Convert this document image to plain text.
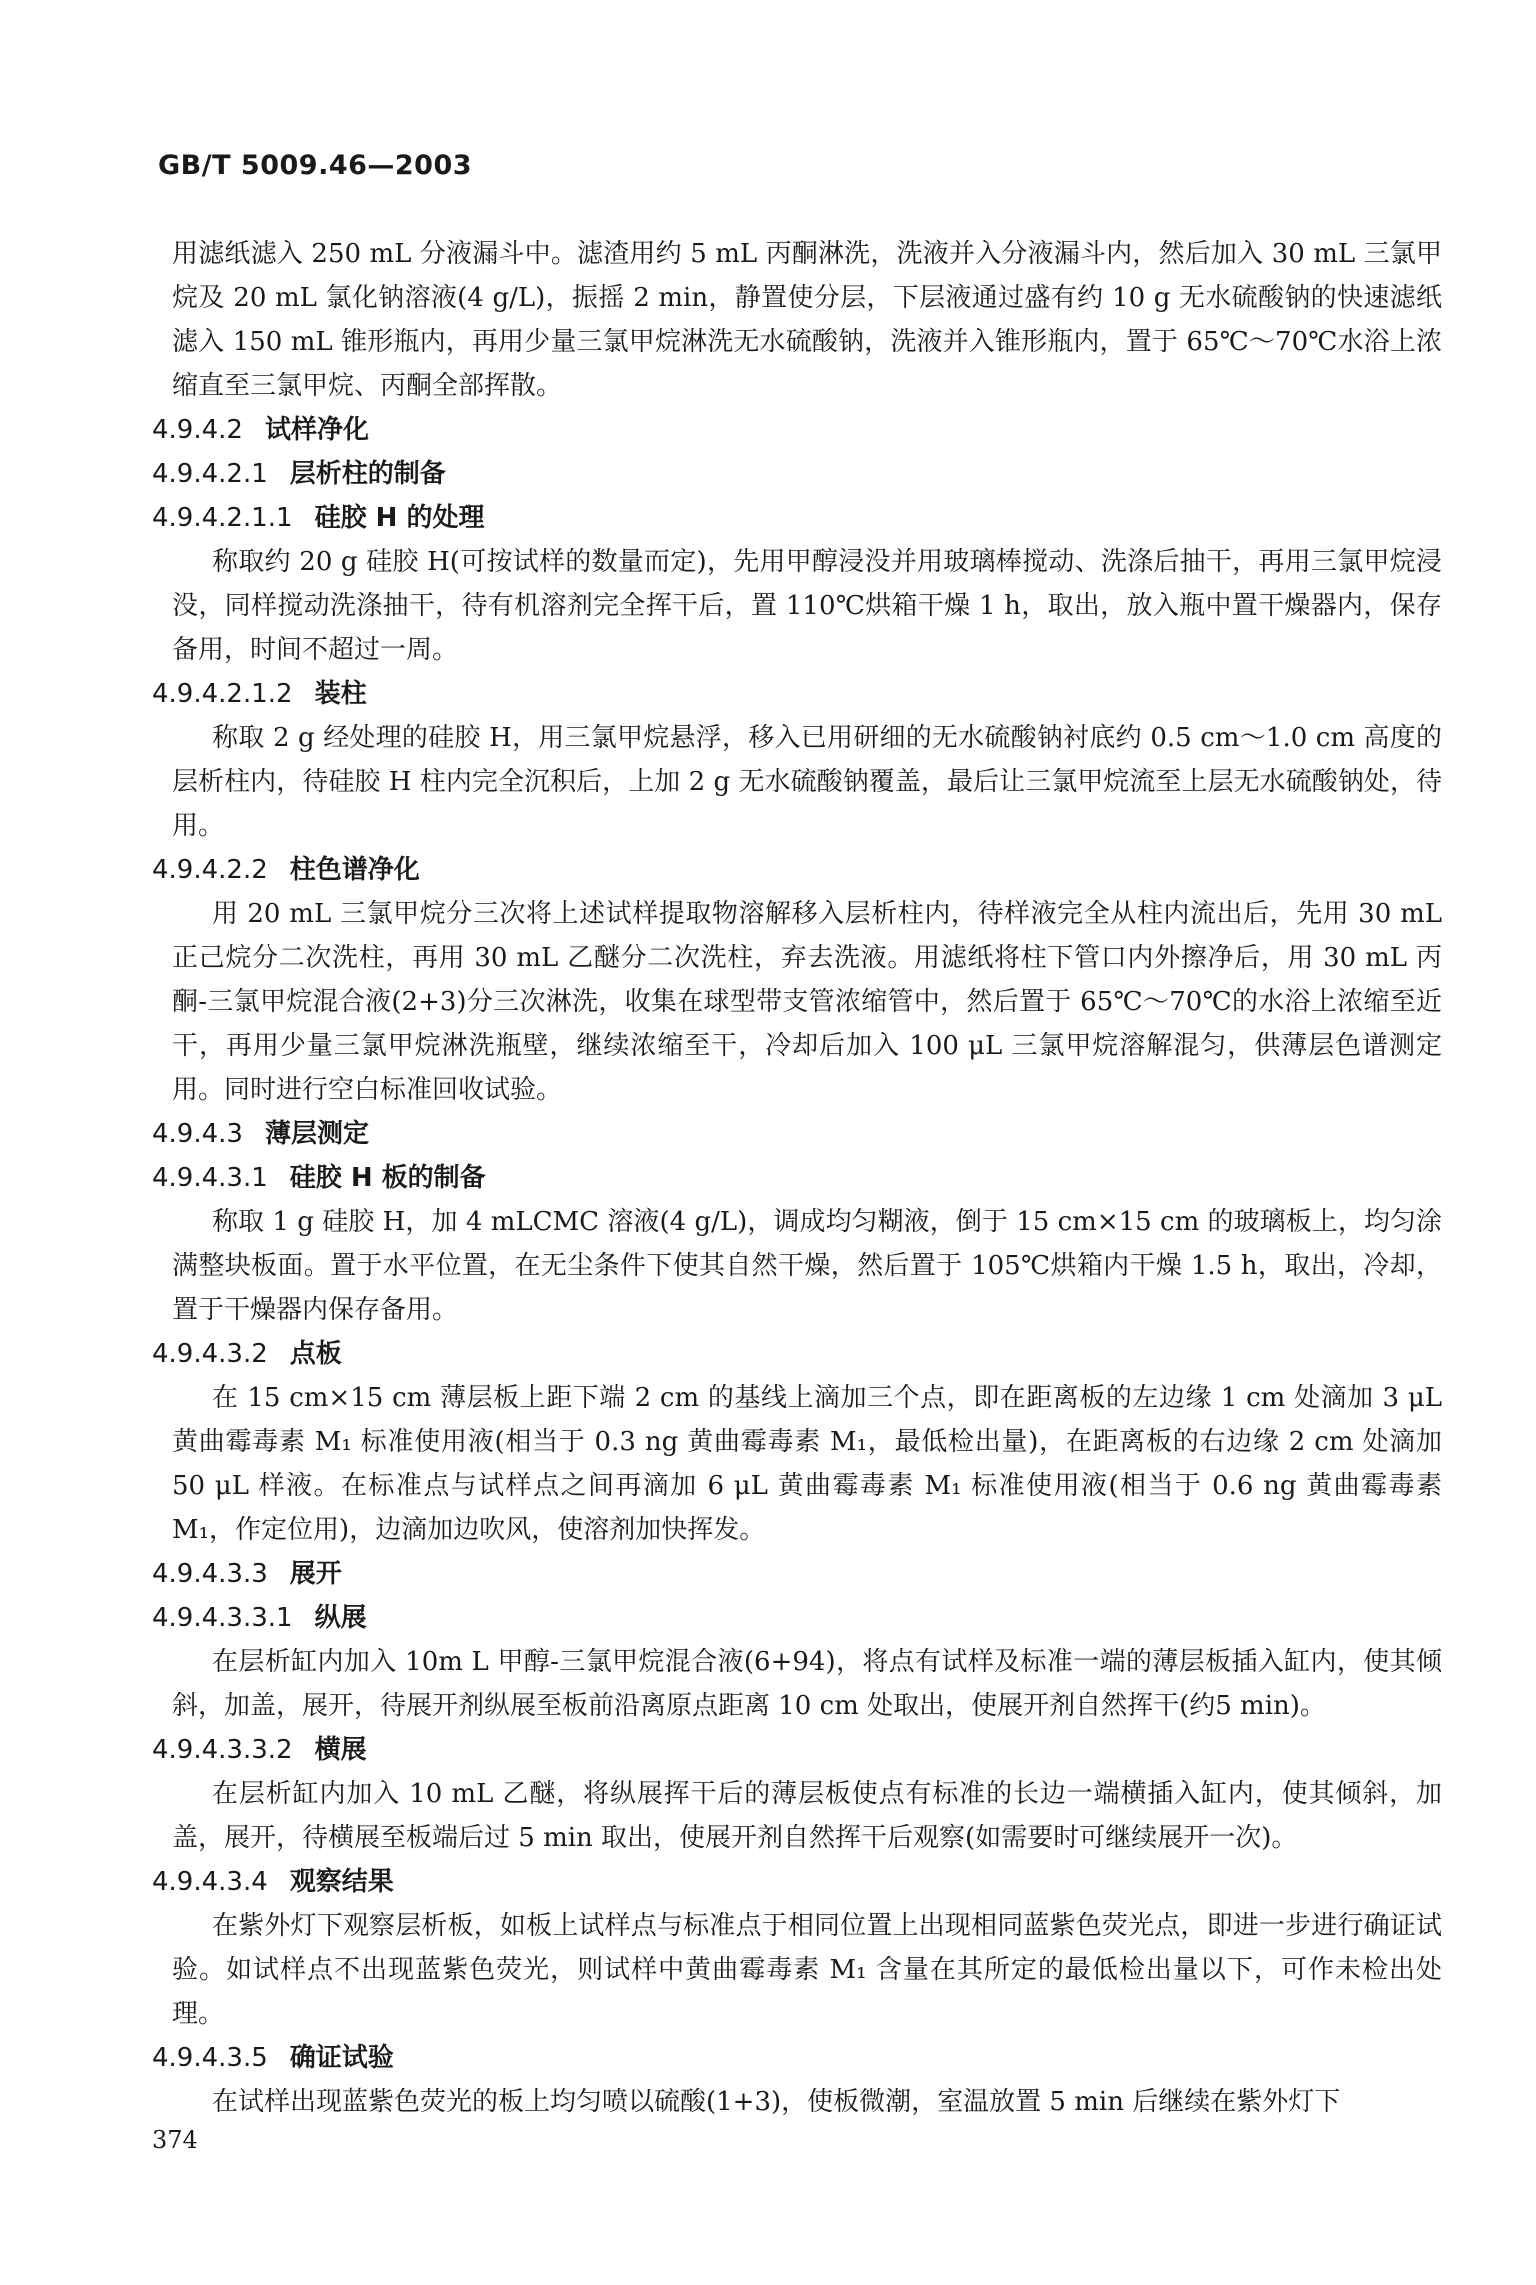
GB/T 5009.46—2003

用滤纸滤入 250 mL 分液漏斗中。滤渣用约 5 mL 丙酮淋洗，洗液并入分液漏斗内，然后加入 30 mL 三氯甲烷及 20 mL 氯化钠溶液(4 g/L)，振摇 2 min，静置使分层，下层液通过盛有约 10 g 无水硫酸钠的快速滤纸滤入 150 mL 锥形瓶内，再用少量三氯甲烷淋洗无水硫酸钠，洗液并入锥形瓶内，置于 65℃～70℃水浴上浓缩直至三氯甲烷、丙酮全部挥散。

4.9.4.2 试样净化
4.9.4.2.1 层析柱的制备
4.9.4.2.1.1 硅胶 H 的处理

称取约 20 g 硅胶 H(可按试样的数量而定)，先用甲醇浸没并用玻璃棒搅动、洗涤后抽干，再用三氯甲烷浸没，同样搅动洗涤抽干，待有机溶剂完全挥干后，置 110℃烘箱干燥 1 h，取出，放入瓶中置干燥器内，保存备用，时间不超过一周。

4.9.4.2.1.2 装柱

称取 2 g 经处理的硅胶 H，用三氯甲烷悬浮，移入已用研细的无水硫酸钠衬底约 0.5 cm～1.0 cm 高度的层析柱内，待硅胶 H 柱内完全沉积后，上加 2 g 无水硫酸钠覆盖，最后让三氯甲烷流至上层无水硫酸钠处，待用。

4.9.4.2.2 柱色谱净化

用 20 mL 三氯甲烷分三次将上述试样提取物溶解移入层析柱内，待样液完全从柱内流出后，先用 30 mL 正己烷分二次洗柱，再用 30 mL 乙醚分二次洗柱，弃去洗液。用滤纸将柱下管口内外擦净后，用 30 mL 丙酮-三氯甲烷混合液(2+3)分三次淋洗，收集在球型带支管浓缩管中，然后置于 65℃～70℃的水浴上浓缩至近干，再用少量三氯甲烷淋洗瓶壁，继续浓缩至干，冷却后加入 100 μL 三氯甲烷溶解混匀，供薄层色谱测定用。同时进行空白标准回收试验。

4.9.4.3 薄层测定
4.9.4.3.1 硅胶 H 板的制备

称取 1 g 硅胶 H，加 4 mLCMC 溶液(4 g/L)，调成均匀糊液，倒于 15 cm×15 cm 的玻璃板上，均匀涂满整块板面。置于水平位置，在无尘条件下使其自然干燥，然后置于 105℃烘箱内干燥 1.5 h，取出，冷却，置于干燥器内保存备用。

4.9.4.3.2 点板

在 15 cm×15 cm 薄层板上距下端 2 cm 的基线上滴加三个点，即在距离板的左边缘 1 cm 处滴加 3 μL黄曲霉毒素 M₁ 标准使用液(相当于 0.3 ng 黄曲霉毒素 M₁，最低检出量)，在距离板的右边缘 2 cm 处滴加 50 μL 样液。在标准点与试样点之间再滴加 6 μL 黄曲霉毒素 M₁ 标准使用液(相当于 0.6 ng 黄曲霉毒素 M₁，作定位用)，边滴加边吹风，使溶剂加快挥发。

4.9.4.3.3 展开
4.9.4.3.3.1 纵展

在层析缸内加入 10m L 甲醇-三氯甲烷混合液(6+94)，将点有试样及标准一端的薄层板插入缸内，使其倾斜，加盖，展开，待展开剂纵展至板前沿离原点距离 10 cm 处取出，使展开剂自然挥干(约5 min)。

4.9.4.3.3.2 横展

在层析缸内加入 10 mL 乙醚，将纵展挥干后的薄层板使点有标准的长边一端横插入缸内，使其倾斜，加盖，展开，待横展至板端后过 5 min 取出，使展开剂自然挥干后观察(如需要时可继续展开一次)。

4.9.4.3.4 观察结果

在紫外灯下观察层析板，如板上试样点与标准点于相同位置上出现相同蓝紫色荧光点，即进一步进行确证试验。如试样点不出现蓝紫色荧光，则试样中黄曲霉毒素 M₁ 含量在其所定的最低检出量以下，可作未检出处理。

4.9.4.3.5 确证试验

在试样出现蓝紫色荧光的板上均匀喷以硫酸(1+3)，使板微潮，室温放置 5 min 后继续在紫外灯下

374
